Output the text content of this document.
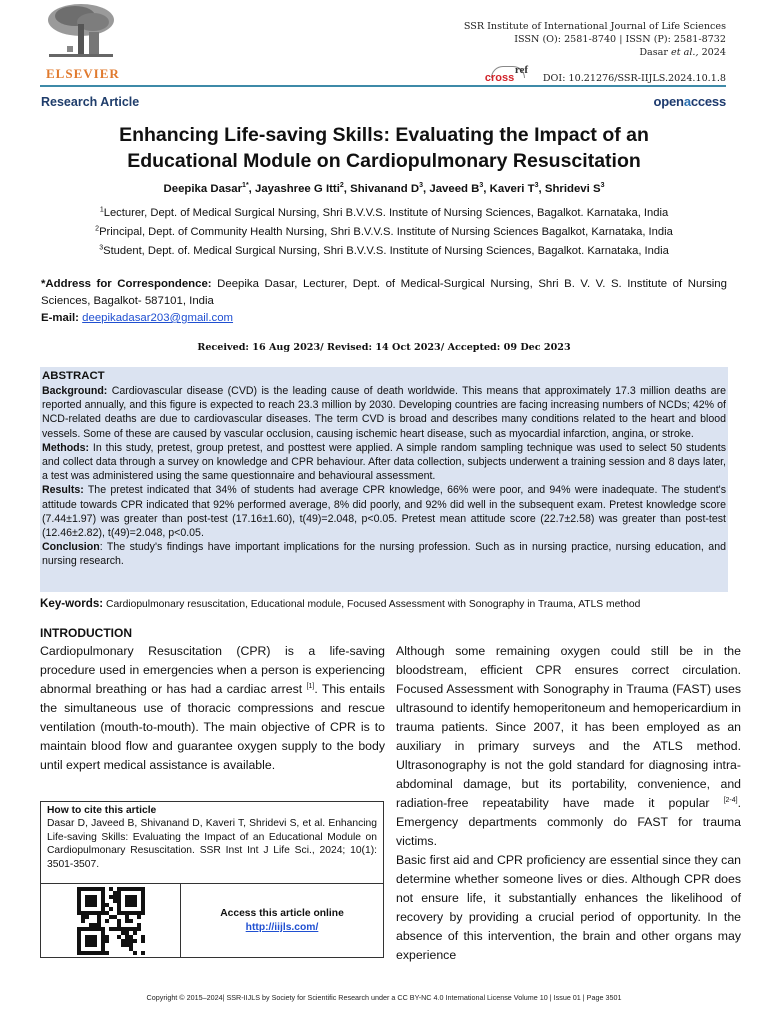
ELSEVIER
SSR Institute of International Journal of Life Sciences
ISSN (O): 2581-8740 | ISSN (P): 2581-8732
Dasar et al., 2024
cross
ref
DOI: 10.21276/SSR-IIJLS.2024.10.1.8
Research Article	openaccess
Enhancing Life-saving Skills: Evaluating the Impact of an
Educational Module on Cardiopulmonary Resuscitation
Deepika Dasar$^{1*}$, Jayashree G Itti$^2$, Shivanand $D^3$, Javeed $B^3$, Kaveri $T^3$, Shridevi $S^3$
$^1$Lecturer, Dept. of Medical Surgical Nursing, Shri B.V.V.S. Institute of Nursing Sciences, Bagalkot. Karnataka, India
$^2$Principal, Dept. of Community Health Nursing, Shri B.V.V.S. Institute of Nursing Sciences Bagalkot, Karnataka, India
$^3$Student, Dept. of. Medical Surgical Nursing, Shri B.V.V.S. Institute of Nursing Sciences, Bagalkot. Karnataka, India
*Address for Correspondence: Deepika Dasar, Lecturer, Dept. of Medical-Surgical Nursing, Shri B. V. V. S. Institute of Nursing Sciences, Bagalkot- 587101, India
E-mail: deepikadasar203@gmail.com
Received: 16 Aug 2023/ Revised: 14 Oct 2023/ Accepted: 09 Dec 2023
ABSTRACT

Background: Cardiovascular disease (CVD) is the leading cause of death worldwide. This means that approximately 17.3 million deaths are reported annually, and this figure is expected to reach 23.3 million by 2030. Developing countries are facing increasing numbers of NCDs; 42% of NCD-related deaths are due to cardiovascular diseases. The term CVD is broad and describes many conditions related to the heart and blood vessels. Some of these are caused by vascular occlusion, causing ischemic heart disease, such as myocardial infarction, angina, or stroke.

Methods: In this study, pretest, group pretest, and posttest were applied. A simple random sampling technique was used to select 50 students and collect data through a survey on knowledge and CPR behaviour. After data collection, subjects underwent a training session and 8 days later, a test was administered using the same questionnaire and behavioural assessment.

Results: The pretest indicated that 34% of students had average CPR knowledge, 66% were poor, and 94% were inadequate. The student's attitude towards CPR indicated that 92% performed average, 8% did poorly, and 92% did well in the subsequent exam. Pretest knowledge score (7.44±1.97) was greater than post-test (17.16±1.60), t(49)=2.048, p<0.05. Pretest mean attitude score (22.7±2.58) was greater than post-test (12.46±2.82), t(49)=2.048, p<0.05.

Conclusion: The study's findings have important implications for the nursing profession. Such as in nursing practice, nursing education, and nursing research.

Key-words: Cardiopulmonary resuscitation, Educational module, Focused Assessment with Sonography in Trauma, ATLS method
INTRODUCTION

Cardiopulmonary Resuscitation (CPR) is a life-saving procedure used in emergencies when a person is experiencing abnormal breathing or has had a cardiac arrest [1]. This entails the simultaneous use of thoracic compressions and rescue ventilation (mouth-to-mouth). The main objective of CPR is to maintain blood flow and guarantee oxygen supply to the body until expert medical assistance is available.

How to cite this article
Dasar D, Javeed B, Shivanand D, Kaveri T, Shridevi S, et al. Enhancing Life-saving Skills: Evaluating the Impact of an Educational Module on Cardiopulmonary Resuscitation. SSR Inst Int J Life Sci., 2024; 10(1): 3501-3507.
Access this article online
http://iijls.com/

Although some remaining oxygen could still be in the bloodstream, efficient CPR ensures correct circulation. Focused Assessment with Sonography in Trauma (FAST) uses ultrasound to identify hemoperitoneum and hemopericardium in trauma patients. Since 2007, it has been employed as an auxiliary in primary surveys and the ATLS method. Ultrasonography is not the gold standard for diagnosing intra-abdominal damage, but its portability, convenience, and radiation-free repeatability have made it popular [2-4]. Emergency departments commonly do FAST for trauma victims.

Basic first aid and CPR proficiency are essential since they can determine whether someone lives or dies. Although CPR does not ensure life, it substantially enhances the likelihood of recovery by providing a crucial period of opportunity. In the absence of this intervention, the brain and other organs may experience

Copyright © 2015–2024| SSR-IIJLS by Society for Scientific Research under a CC BY-NC 4.0 International License Volume 10 | Issue 01 | Page 3501
